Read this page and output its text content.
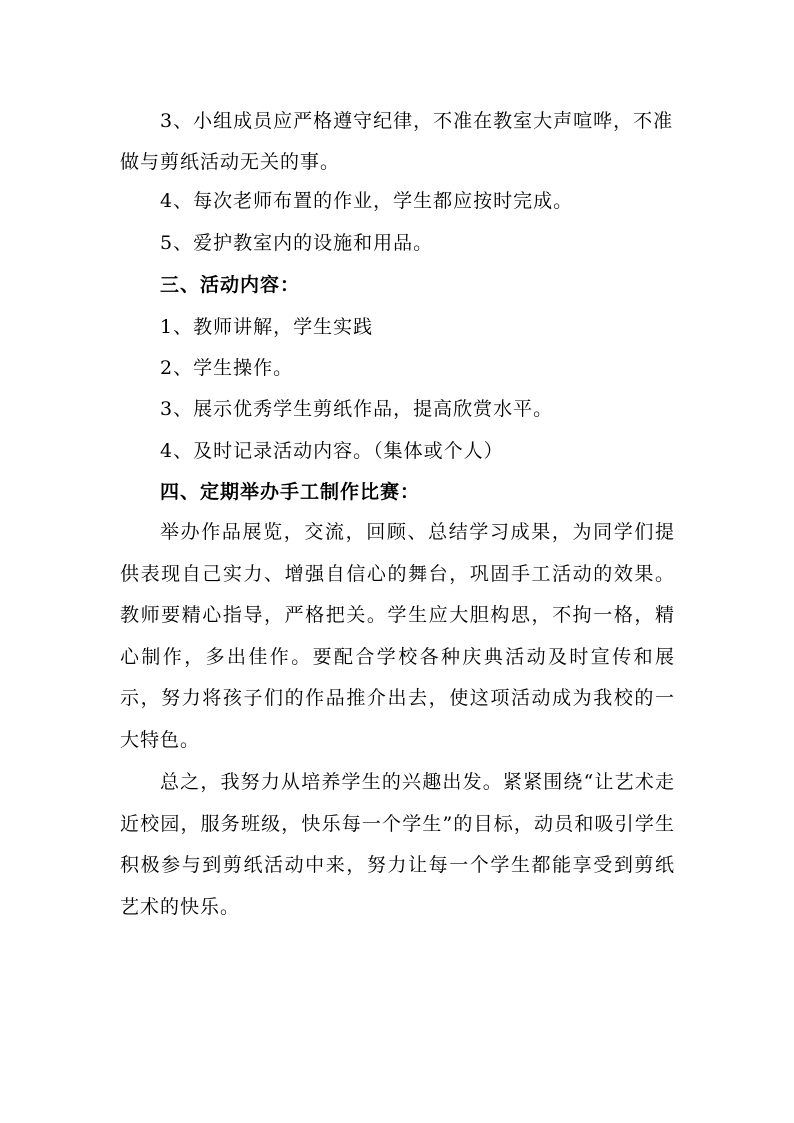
3、小组成员应严格遵守纪律，不准在教室大声喧哗，不准做与剪纸活动无关的事。

4、每次老师布置的作业，学生都应按时完成。
5、爱护教室内的设施和用品。
三、活动内容：
1、教师讲解，学生实践
2、学生操作。
3、展示优秀学生剪纸作品，提高欣赏水平。
4、及时记录活动内容。（集体或个人）
四、定期举办手工制作比赛：

举办作品展览，交流，回顾、总结学习成果，为同学们提供表现自己实力、增强自信心的舞台，巩固手工活动的效果。教师要精心指导，严格把关。学生应大胆构思，不拘一格，精心制作，多出佳作。要配合学校各种庆典活动及时宣传和展示，努力将孩子们的作品推介出去，使这项活动成为我校的一大特色。

总之，我努力从培养学生的兴趣出发。紧紧围绕“让艺术走近校园，服务班级，快乐每一个学生”的目标，动员和吸引学生积极参与到剪纸活动中来，努力让每一个学生都能享受到剪纸艺术的快乐。
